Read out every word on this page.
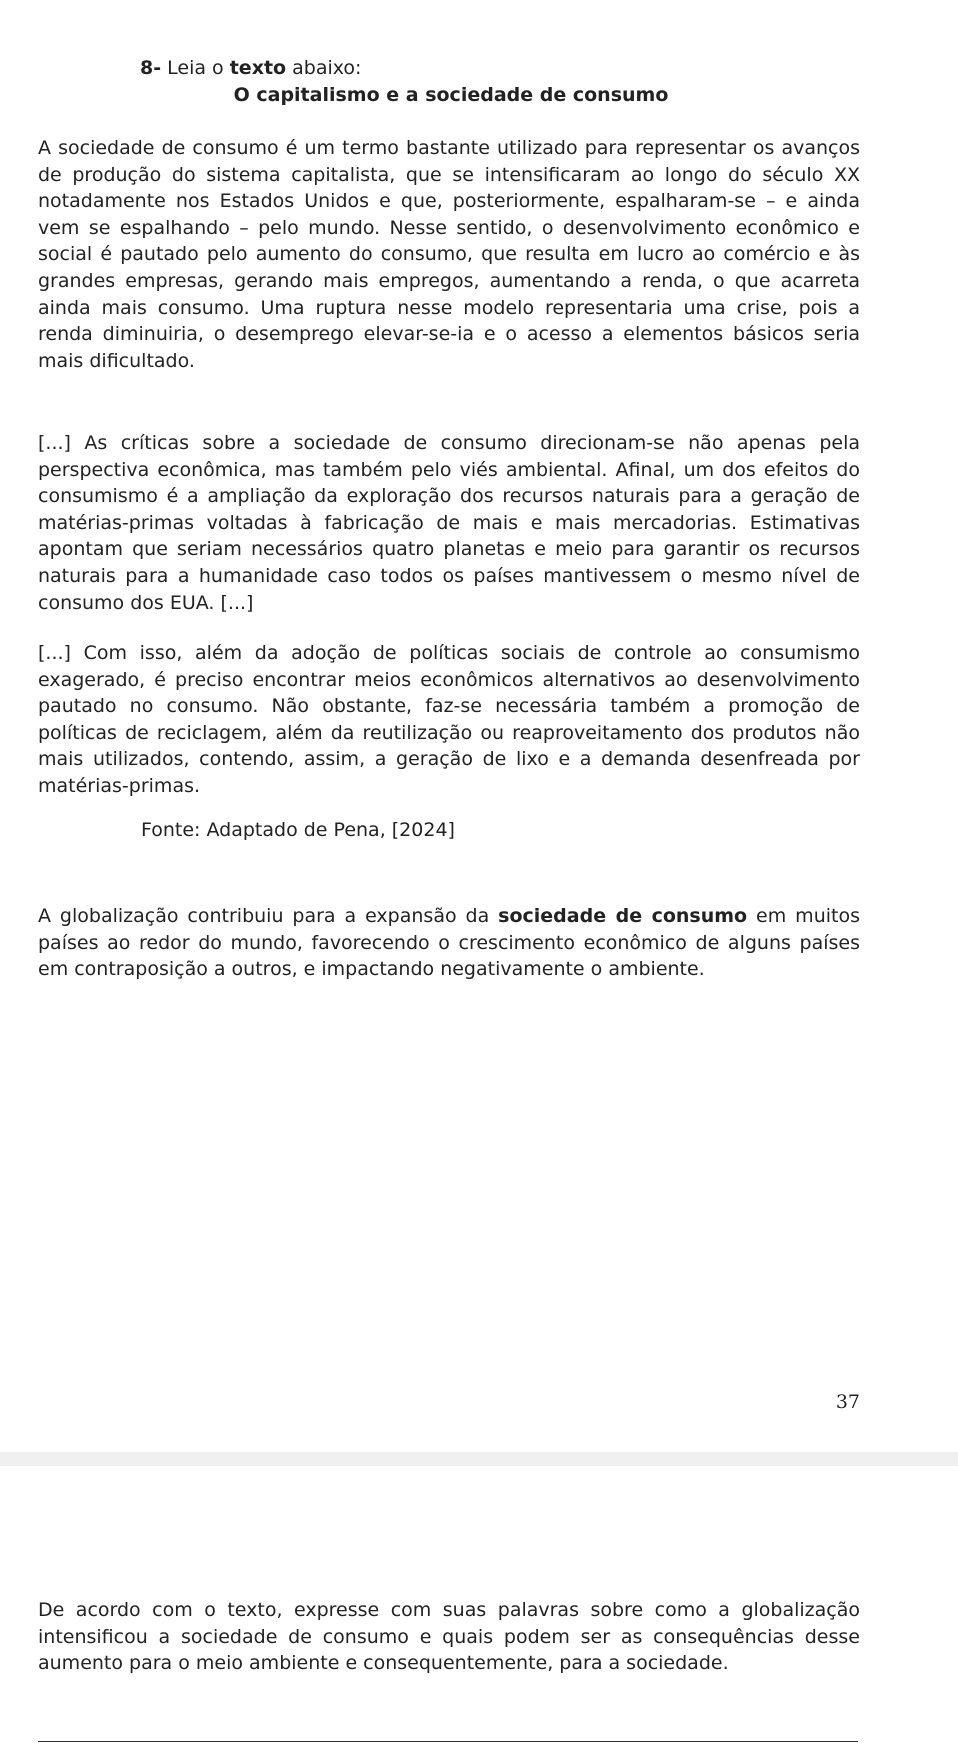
8- Leia o texto abaixo:
O capitalismo e a sociedade de consumo
A sociedade de consumo é um termo bastante utilizado para representar os avanços de produção do sistema capitalista, que se intensificaram ao longo do século XX notadamente nos Estados Unidos e que, posteriormente, espalharam-se – e ainda vem se espalhando – pelo mundo. Nesse sentido, o desenvolvimento econômico e social é pautado pelo aumento do consumo, que resulta em lucro ao comércio e às grandes empresas, gerando mais empregos, aumentando a renda, o que acarreta ainda mais consumo. Uma ruptura nesse modelo representaria uma crise, pois a renda diminuiria, o desemprego elevar-se-ia e o acesso a elementos básicos seria mais dificultado.
[...] As críticas sobre a sociedade de consumo direcionam-se não apenas pela perspectiva econômica, mas também pelo viés ambiental. Afinal, um dos efeitos do consumismo é a ampliação da exploração dos recursos naturais para a geração de matérias-primas voltadas à fabricação de mais e mais mercadorias. Estimativas apontam que seriam necessários quatro planetas e meio para garantir os recursos naturais para a humanidade caso todos os países mantivessem o mesmo nível de consumo dos EUA. [...]
[...] Com isso, além da adoção de políticas sociais de controle ao consumismo exagerado, é preciso encontrar meios econômicos alternativos ao desenvolvimento pautado no consumo. Não obstante, faz-se necessária também a promoção de políticas de reciclagem, além da reutilização ou reaproveitamento dos produtos não mais utilizados, contendo, assim, a geração de lixo e a demanda desenfreada por matérias-primas.
Fonte: Adaptado de Pena, [2024]
A globalização contribuiu para a expansão da sociedade de consumo em muitos países ao redor do mundo, favorecendo o crescimento econômico de alguns países em contraposição a outros, e impactando negativamente o ambiente.
37
De acordo com o texto, expresse com suas palavras sobre como a globalização intensificou a sociedade de consumo e quais podem ser as consequências desse aumento para o meio ambiente e consequentemente, para a sociedade.
